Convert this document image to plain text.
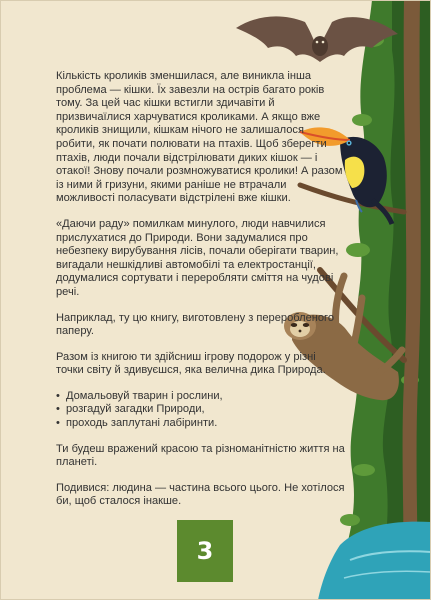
Кількість кроликів зменшилася, але виникла інша проблема — кішки. Їх завезли на острів багато років тому. За цей час кішки встигли здичавіти й призвичаїлися харчуватися кроликами. А якщо вже кроликів знищили, кішкам нічого не залишалося робити, як почати полювати на птахів. Щоб зберегти птахів, люди почали відстрілювати диких кішок — і отакої! Знову почали розмножуватися кролики! А разом із ними й гризуни, якими раніше не втрачали можливості поласувати відстрілені вже кішки.

«Даючи раду» помилкам минулого, люди навчилися прислухатися до Природи. Вони задумалися про небезпеку вирубування лісів, почали оберігати тварин, вигадали нешкідливі автомобілі та електростанції, додумалися сортувати і переробляти сміття на чудові речі.

Наприклад, ту цю книгу, виготовлену з переробленого паперу.

Разом із книгою ти здійсниш ігрову подорож у різні точки світу й здивуєшся, яка велична дика Природа.

• Домальовуй тварин і рослини,
• розгадуй загадки Природи,
• проходь заплутані лабіринти.

Ти будеш вражений красою та різноманітністю життя на планеті.

Подивися: людина — частина всього цього. Не хотілося би, щоб сталося інакше.

3
